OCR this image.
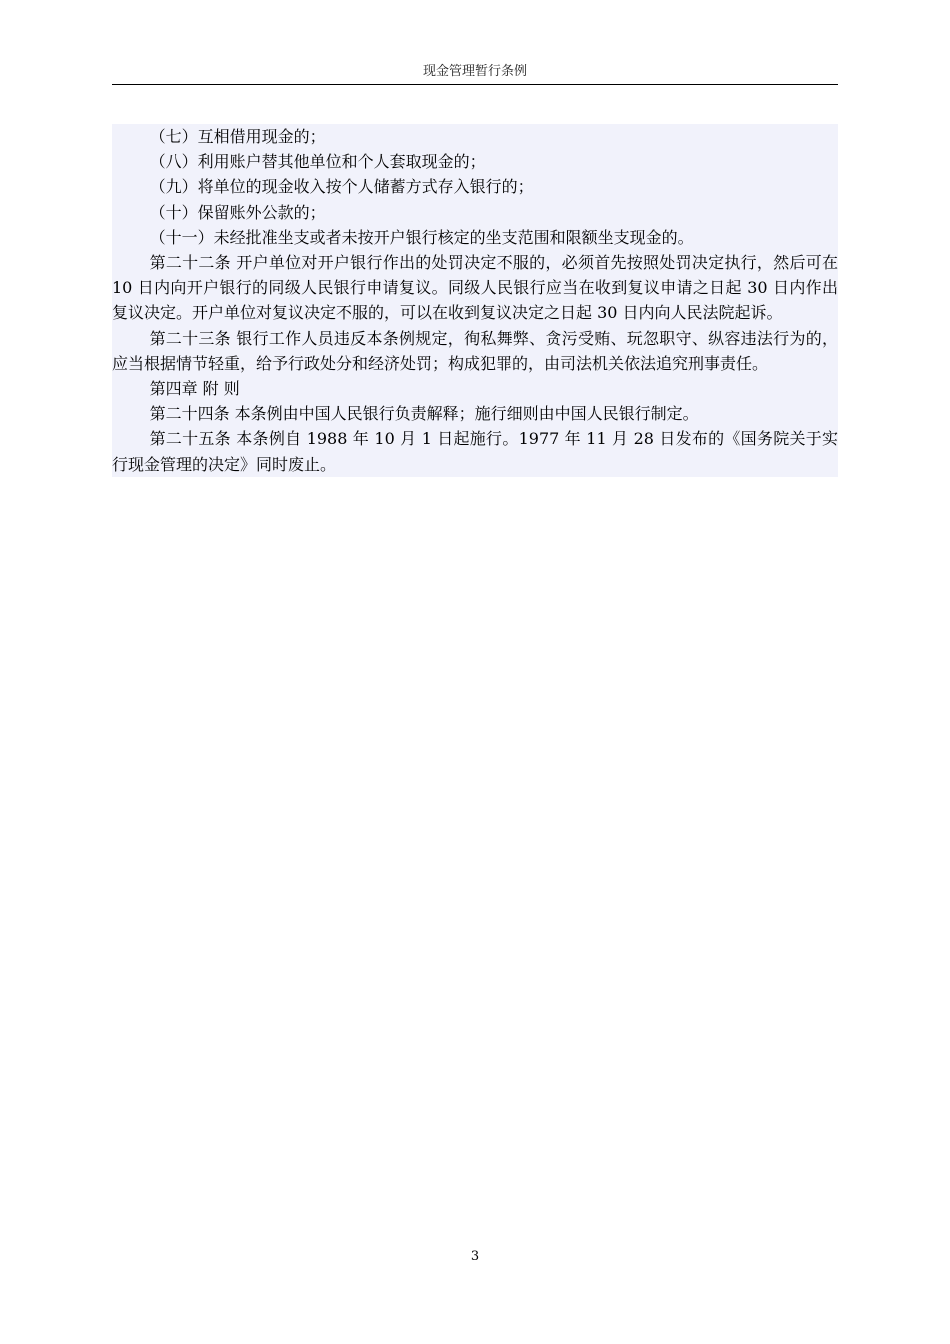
现金管理暂行条例

（七）互相借用现金的；

（八）利用账户替其他单位和个人套取现金的；

（九）将单位的现金收入按个人储蓄方式存入银行的；

（十）保留账外公款的；

（十一）未经批准坐支或者未按开户银行核定的坐支范围和限额坐支现金的。

第二十二条 开户单位对开户银行作出的处罚决定不服的，必须首先按照处罚决定执行，然后可在 10 日内向开户银行的同级人民银行申请复议。同级人民银行应当在收到复议申请之日起 30 日内作出复议决定。开户单位对复议决定不服的，可以在收到复议决定之日起 30 日内向人民法院起诉。

第二十三条 银行工作人员违反本条例规定，徇私舞弊、贪污受贿、玩忽职守、纵容违法行为的，应当根据情节轻重，给予行政处分和经济处罚；构成犯罪的，由司法机关依法追究刑事责任。

第四章 附 则

第二十四条 本条例由中国人民银行负责解释；施行细则由中国人民银行制定。

第二十五条 本条例自 1988 年 10 月 1 日起施行。1977 年 11 月 28 日发布的《国务院关于实行现金管理的决定》同时废止。

3
